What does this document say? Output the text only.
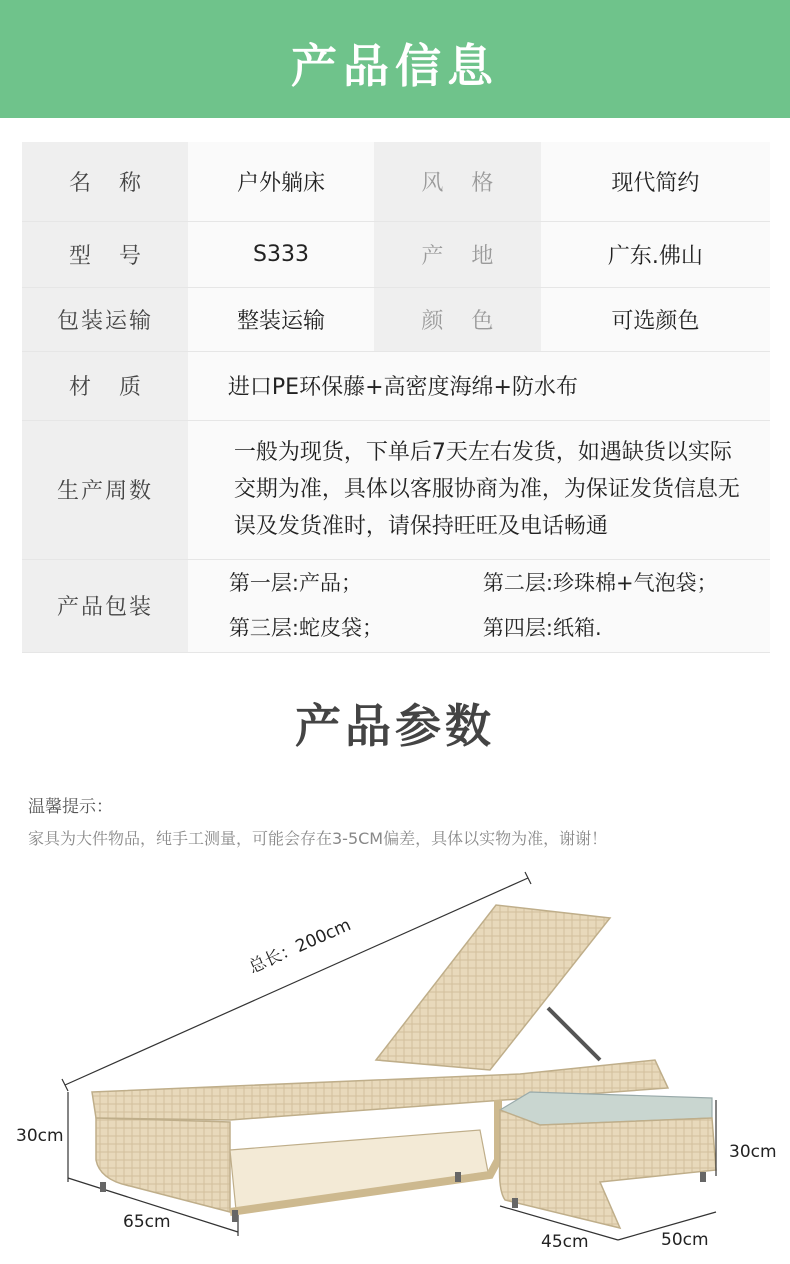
产品信息
名称	户外躺床	风格	现代简约
型号	S333	产地	广东.佛山
包装运输	整装运输	颜色	可选颜色
材质	进口PE环保藤+高密度海绵+防水布		
生产周数	一般为现货，下单后7天左右发货，如遇缺货以实际交期为准，具体以客服协商为准，为保证发货信息无误及发货准时，请保持旺旺及电话畅通		
产品包装	第一层:产品； 第二层:珍珠棉+气泡袋；
第三层:蛇皮袋； 第四层:纸箱.		
产品参数
温馨提示：
家具为大件物品，纯手工测量，可能会存在3-5CM偏差，具体以实物为准，谢谢！
总长：200cm
30cm
65cm
30cm
45cm	50cm
